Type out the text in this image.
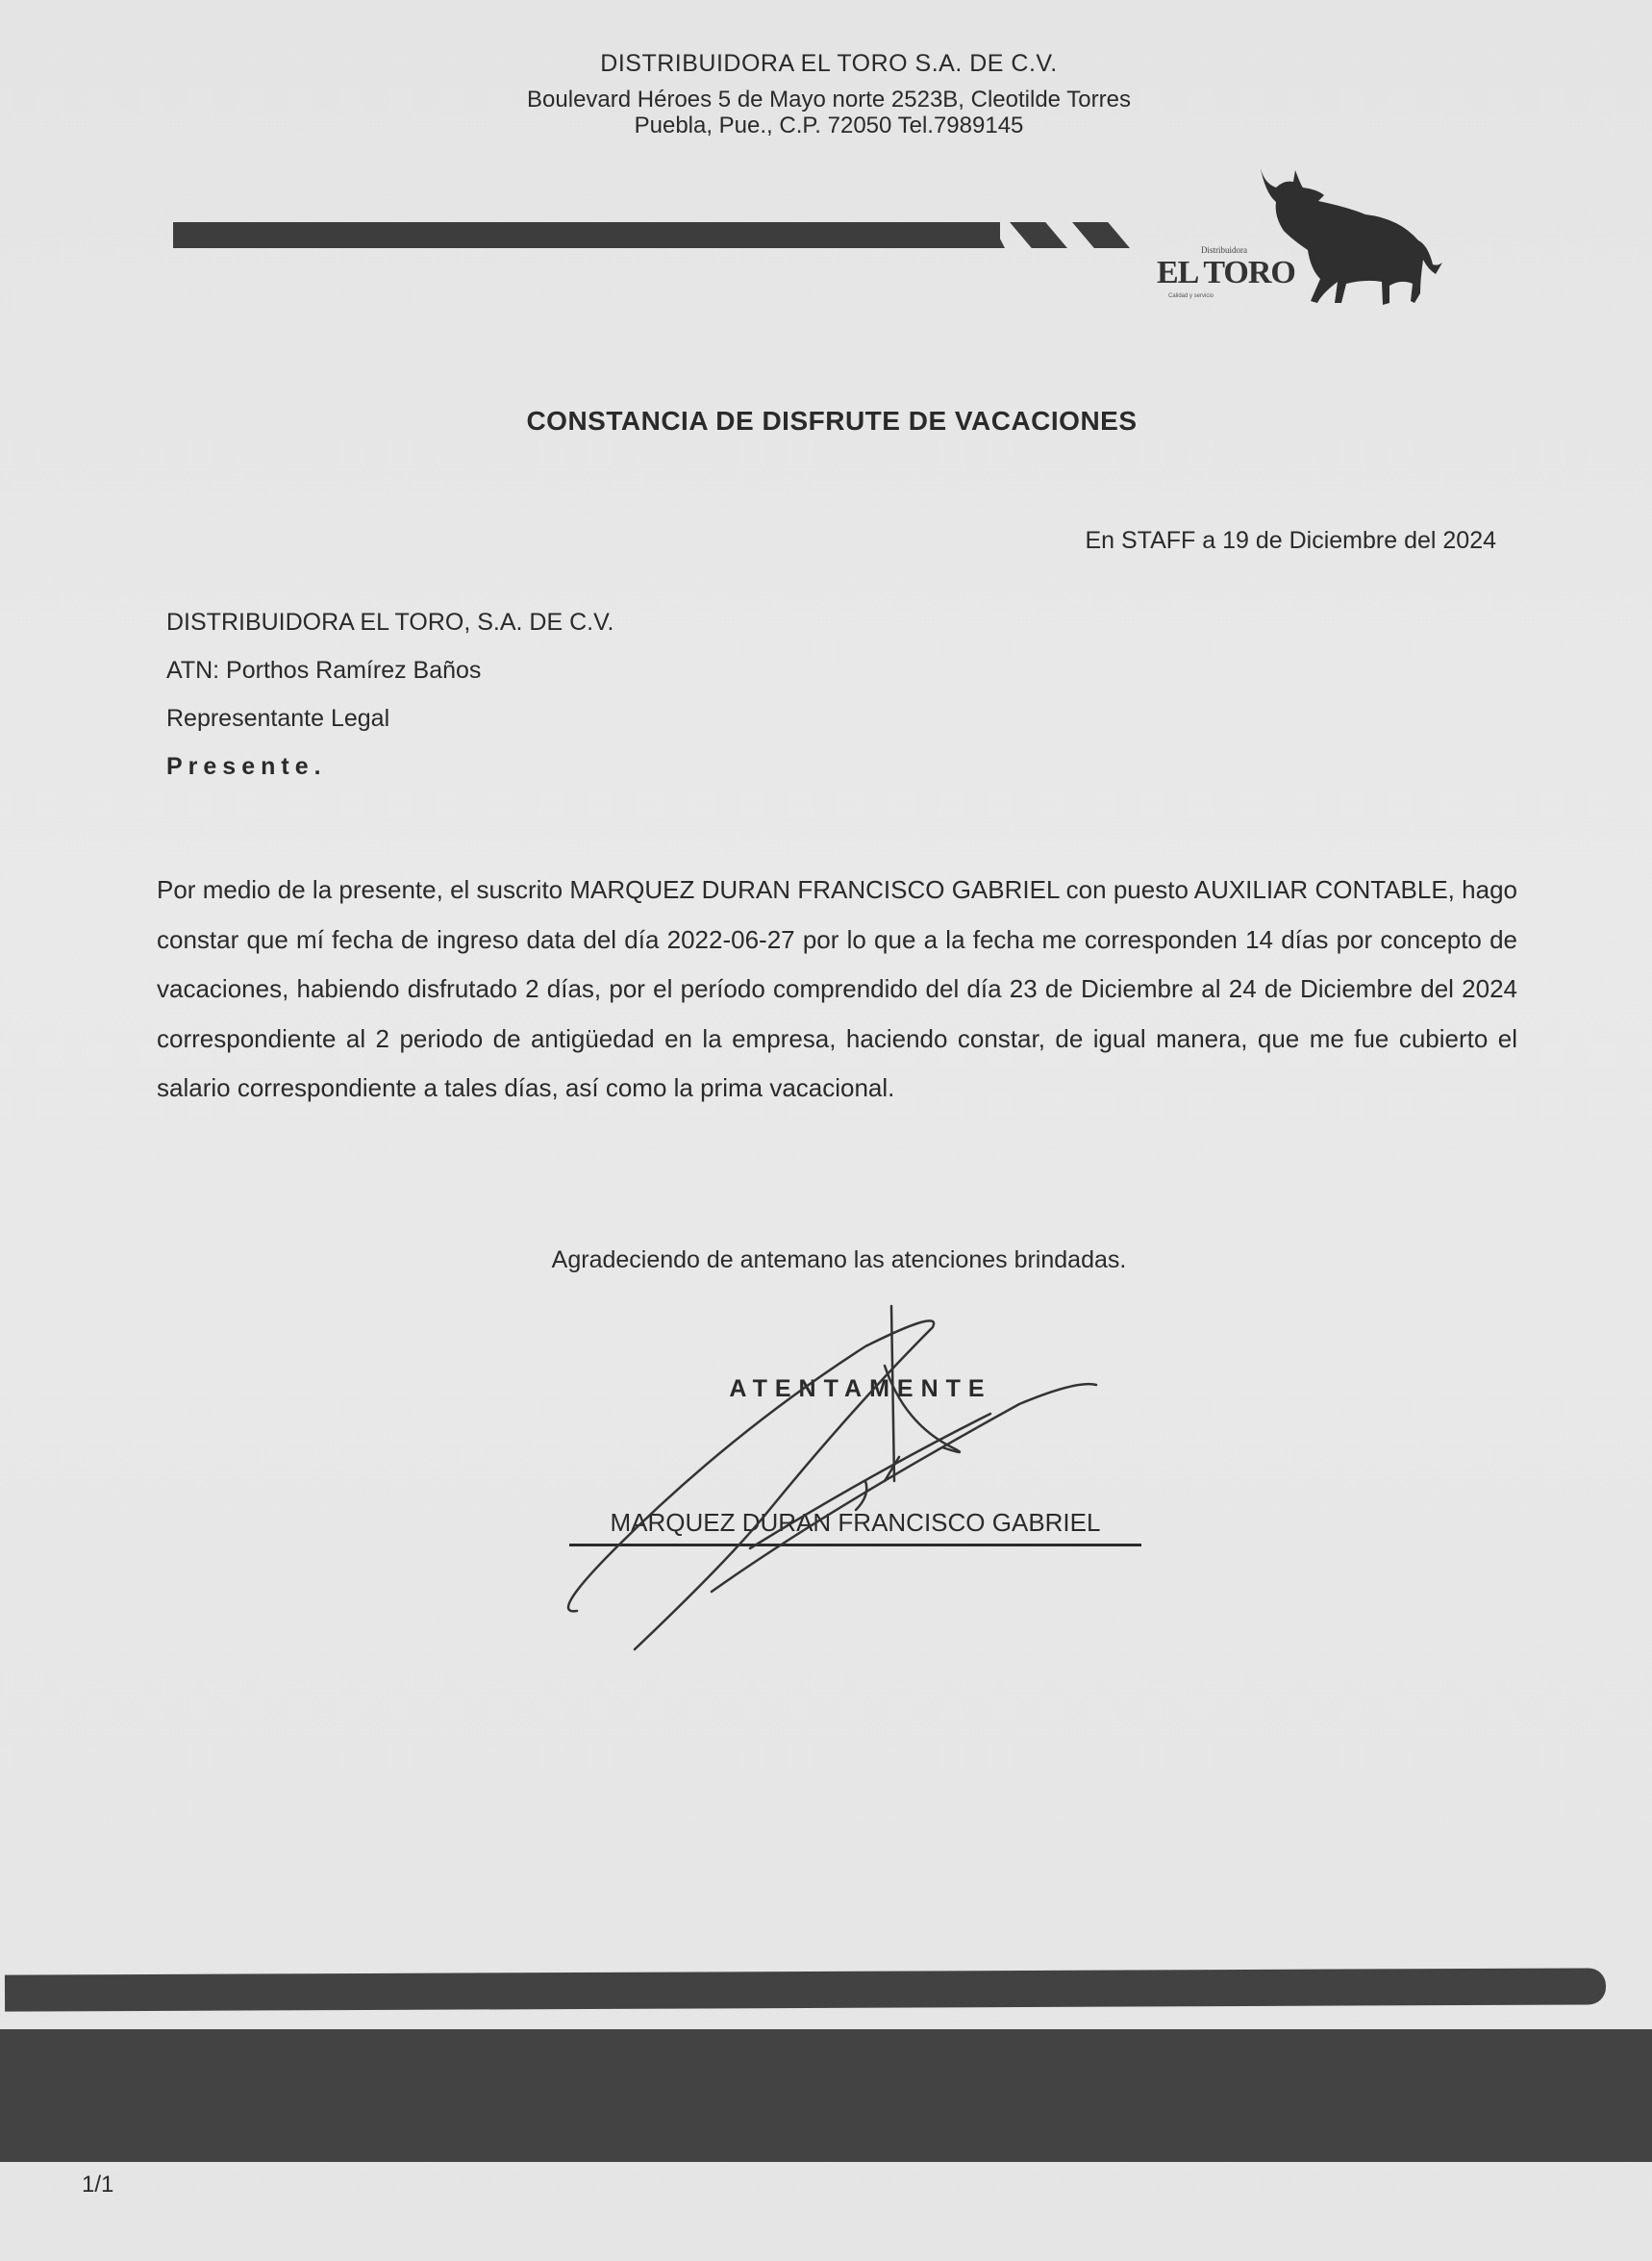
DISTRIBUIDORA EL TORO S.A. DE C.V.
Boulevard Héroes 5 de Mayo norte 2523B, Cleotilde Torres
Puebla, Pue., C.P. 72050 Tel.7989145
Distribuidora
EL TORO
Calidad y servicio
CONSTANCIA DE DISFRUTE DE VACACIONES
En STAFF a 19 de Diciembre del 2024
DISTRIBUIDORA EL TORO, S.A. DE C.V.
ATN: Porthos Ramírez Baños
Representante Legal
Presente.
Por medio de la presente, el suscrito MARQUEZ DURAN FRANCISCO GABRIEL con puesto AUXILIAR CONTABLE, hago constar que mí fecha de ingreso data del día 2022-06-27 por lo que a la fecha me corresponden 14 días por concepto de vacaciones, habiendo disfrutado 2 días, por el período comprendido del día 23 de Diciembre al 24 de Diciembre del 2024 correspondiente al 2 periodo de antigüedad en la empresa, haciendo constar, de igual manera, que me fue cubierto el salario correspondiente a tales días, así como la prima vacacional.
Agradeciendo de antemano las atenciones brindadas.
ATENTAMENTE
MARQUEZ DURAN FRANCISCO GABRIEL
1/1
